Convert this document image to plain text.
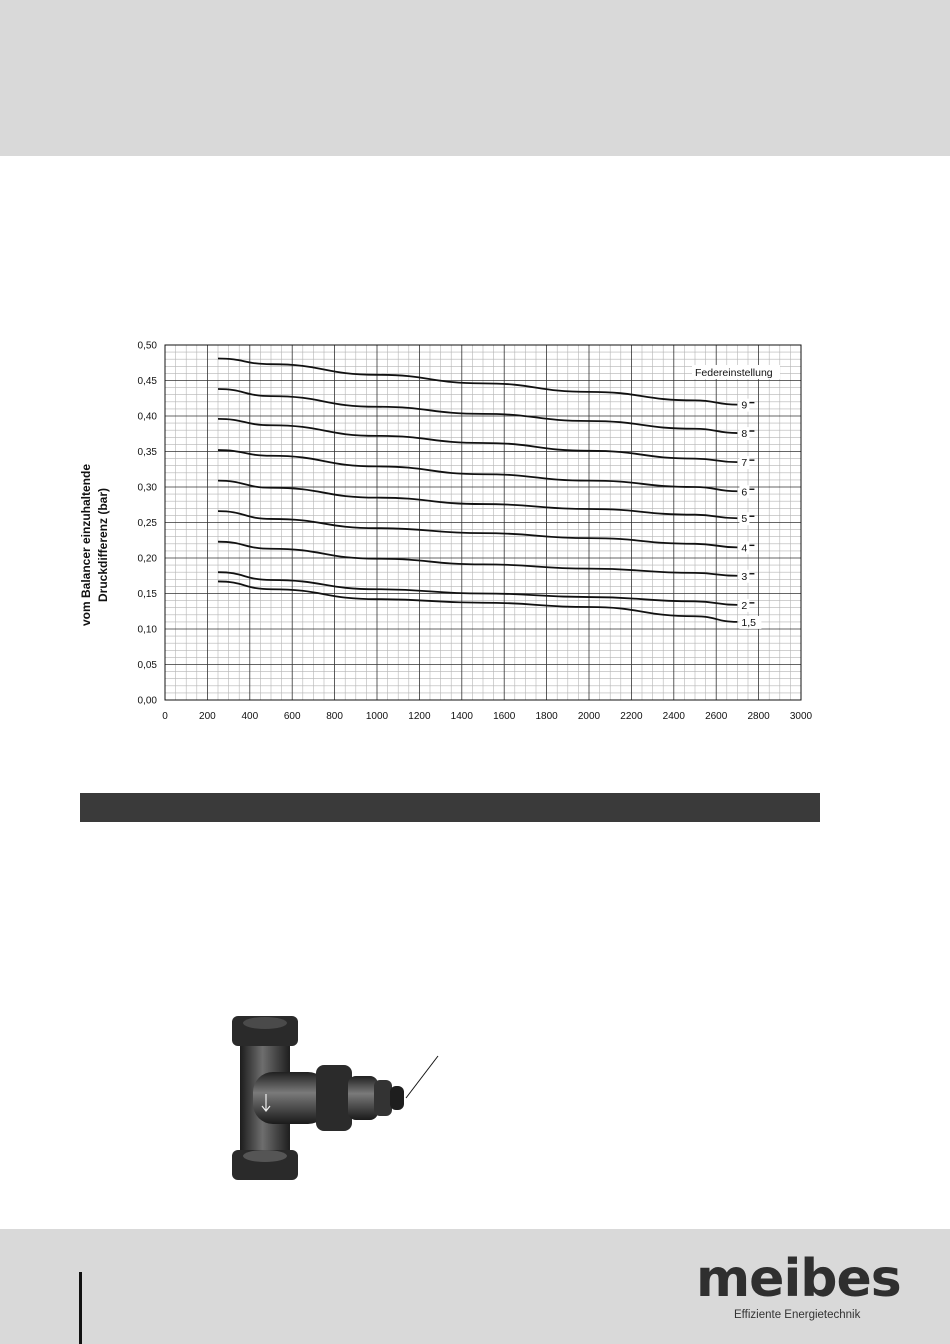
vom Balancer einzuhaltende Druckdifferenz (bar)
0,00
0,05
0,10
0,15
0,20
0,25
0,30
0,35
0,40
0,45
0,50
0	200	400	600	800 1000 1200 1400 1600 1800 2000 2200 2400 2600 2800 3000
9
8
7
6
5
4
3
2
1,5
Federeinstellung
meibes
Effiziente Energietechnik
